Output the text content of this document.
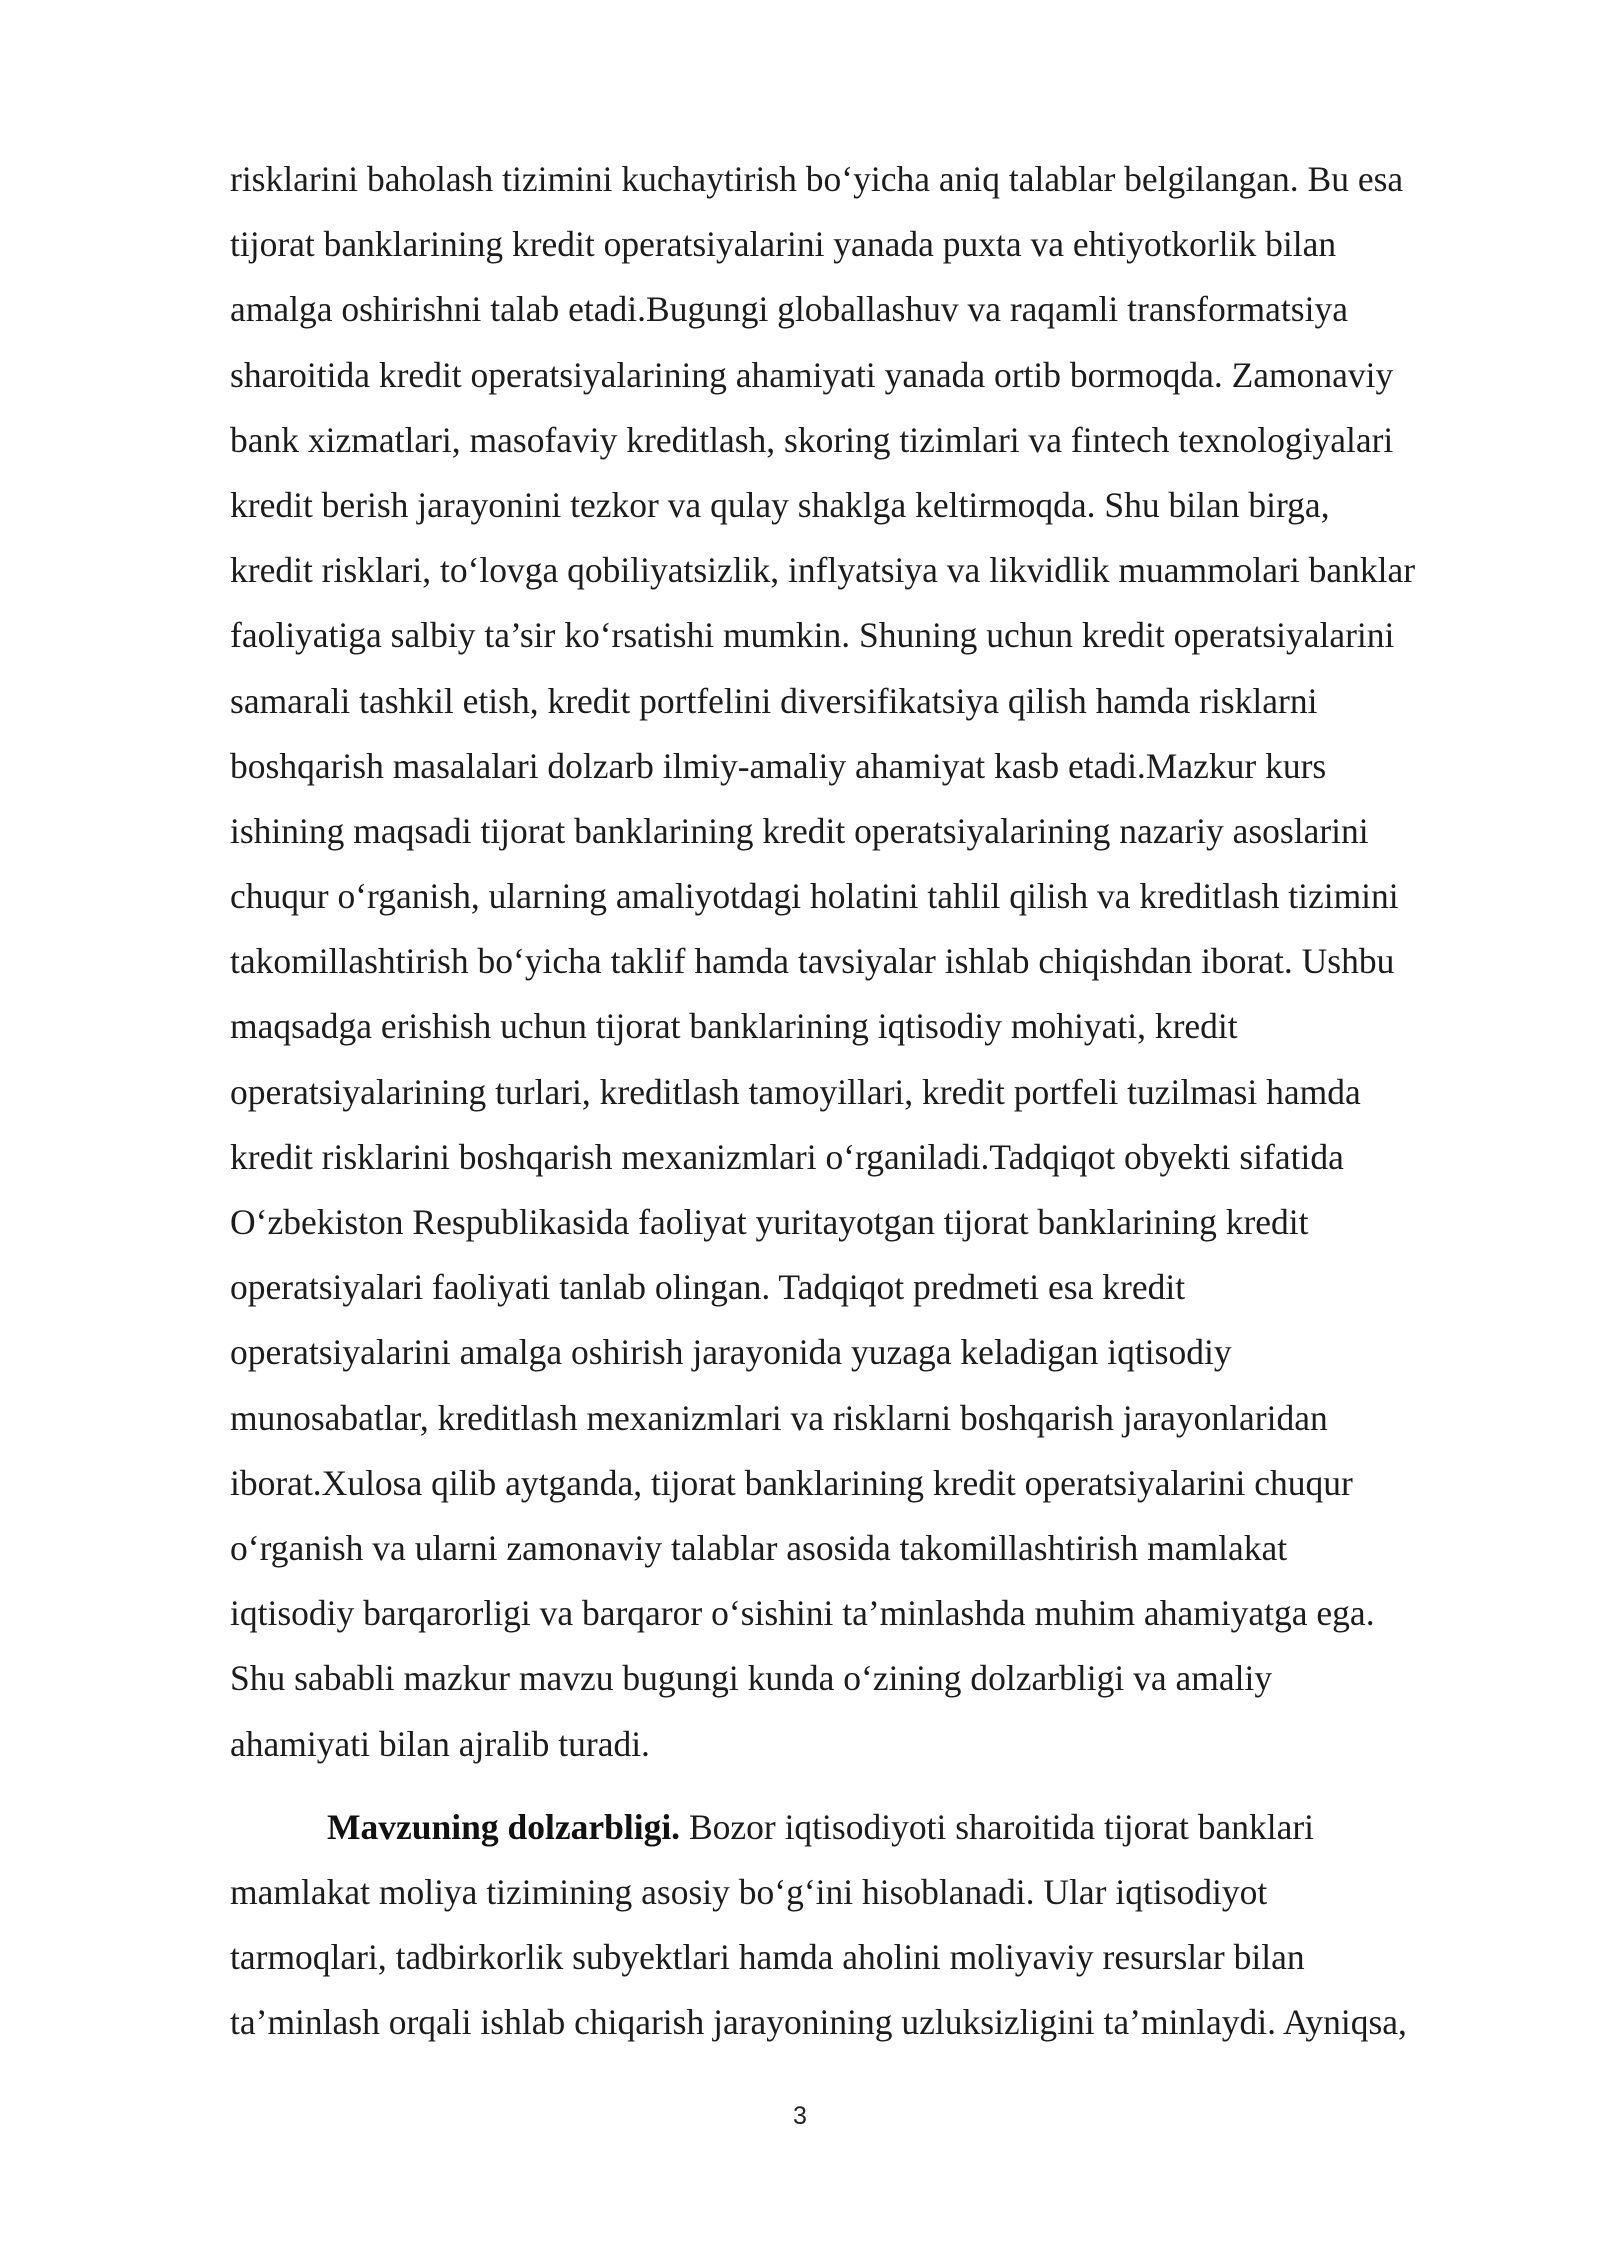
risklarini baholash tizimini kuchaytirish bo‘yicha aniq talablar belgilangan. Bu esa
tijorat banklarining kredit operatsiyalarini yanada puxta va ehtiyotkorlik bilan
amalga oshirishni talab etadi.Bugungi globallashuv va raqamli transformatsiya
sharoitida kredit operatsiyalarining ahamiyati yanada ortib bormoqda. Zamonaviy
bank xizmatlari, masofaviy kreditlash, skoring tizimlari va fintech texnologiyalari
kredit berish jarayonini tezkor va qulay shaklga keltirmoqda. Shu bilan birga,
kredit risklari, to‘lovga qobiliyatsizlik, inflyatsiya va likvidlik muammolari banklar
faoliyatiga salbiy ta’sir ko‘rsatishi mumkin. Shuning uchun kredit operatsiyalarini
samarali tashkil etish, kredit portfelini diversifikatsiya qilish hamda risklarni
boshqarish masalalari dolzarb ilmiy-amaliy ahamiyat kasb etadi.Mazkur kurs
ishining maqsadi tijorat banklarining kredit operatsiyalarining nazariy asoslarini
chuqur o‘rganish, ularning amaliyotdagi holatini tahlil qilish va kreditlash tizimini
takomillashtirish bo‘yicha taklif hamda tavsiyalar ishlab chiqishdan iborat. Ushbu
maqsadga erishish uchun tijorat banklarining iqtisodiy mohiyati, kredit
operatsiyalarining turlari, kreditlash tamoyillari, kredit portfeli tuzilmasi hamda
kredit risklarini boshqarish mexanizmlari o‘rganiladi.Tadqiqot obyekti sifatida
O‘zbekiston Respublikasida faoliyat yuritayotgan tijorat banklarining kredit
operatsiyalari faoliyati tanlab olingan. Tadqiqot predmeti esa kredit
operatsiyalarini amalga oshirish jarayonida yuzaga keladigan iqtisodiy
munosabatlar, kreditlash mexanizmlari va risklarni boshqarish jarayonlaridan
iborat.Xulosa qilib aytganda, tijorat banklarining kredit operatsiyalarini chuqur
o‘rganish va ularni zamonaviy talablar asosida takomillashtirish mamlakat
iqtisodiy barqarorligi va barqaror o‘sishini ta’minlashda muhim ahamiyatga ega.
Shu sababli mazkur mavzu bugungi kunda o‘zining dolzarbligi va amaliy
ahamiyati bilan ajralib turadi.
Mavzuning dolzarbligi. Bozor iqtisodiyoti sharoitida tijorat banklari
mamlakat moliya tizimining asosiy bo‘g‘ini hisoblanadi. Ular iqtisodiyot
tarmoqlari, tadbirkorlik subyektlari hamda aholini moliyaviy resurslar bilan
ta’minlash orqali ishlab chiqarish jarayonining uzluksizligini ta’minlaydi. Ayniqsa,
3
